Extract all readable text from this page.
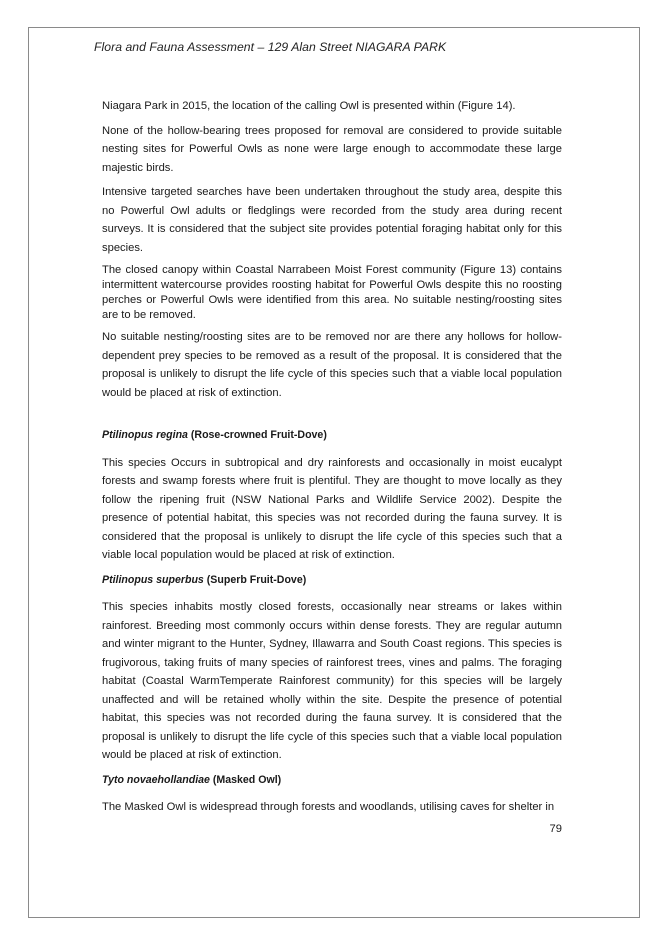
Flora and Fauna Assessment – 129 Alan Street NIAGARA PARK

Niagara Park in 2015, the location of the calling Owl is presented within (Figure 14).

None of the hollow-bearing trees proposed for removal are considered to provide suitable nesting sites for Powerful Owls as none were large enough to accommodate these large majestic birds.

Intensive targeted searches have been undertaken throughout the study area, despite this no Powerful Owl adults or fledglings were recorded from the study area during recent surveys. It is considered that the subject site provides potential foraging habitat only for this species.

The closed canopy within Coastal Narrabeen Moist Forest community (Figure 13) contains intermittent watercourse provides roosting habitat for Powerful Owls despite this no roosting perches or Powerful Owls were identified from this area. No suitable nesting/roosting sites are to be removed.

No suitable nesting/roosting sites are to be removed nor are there any hollows for hollow-dependent prey species to be removed as a result of the proposal. It is considered that the proposal is unlikely to disrupt the life cycle of this species such that a viable local population would be placed at risk of extinction.

Ptilinopus regina (Rose-crowned Fruit-Dove)

This species Occurs in subtropical and dry rainforests and occasionally in moist eucalypt forests and swamp forests where fruit is plentiful. They are thought to move locally as they follow the ripening fruit (NSW National Parks and Wildlife Service 2002). Despite the presence of potential habitat, this species was not recorded during the fauna survey. It is considered that the proposal is unlikely to disrupt the life cycle of this species such that a viable local population would be placed at risk of extinction.

Ptilinopus superbus (Superb Fruit-Dove)

This species inhabits mostly closed forests, occasionally near streams or lakes within rainforest. Breeding most commonly occurs within dense forests. They are regular autumn and winter migrant to the Hunter, Sydney, Illawarra and South Coast regions. This species is frugivorous, taking fruits of many species of rainforest trees, vines and palms. The foraging habitat (Coastal WarmTemperate Rainforest community) for this species will be largely unaffected and will be retained wholly within the site. Despite the presence of potential habitat, this species was not recorded during the fauna survey. It is considered that the proposal is unlikely to disrupt the life cycle of this species such that a viable local population would be placed at risk of extinction.

Tyto novaehollandiae (Masked Owl)

The Masked Owl is widespread through forests and woodlands, utilising caves for shelter in

79
